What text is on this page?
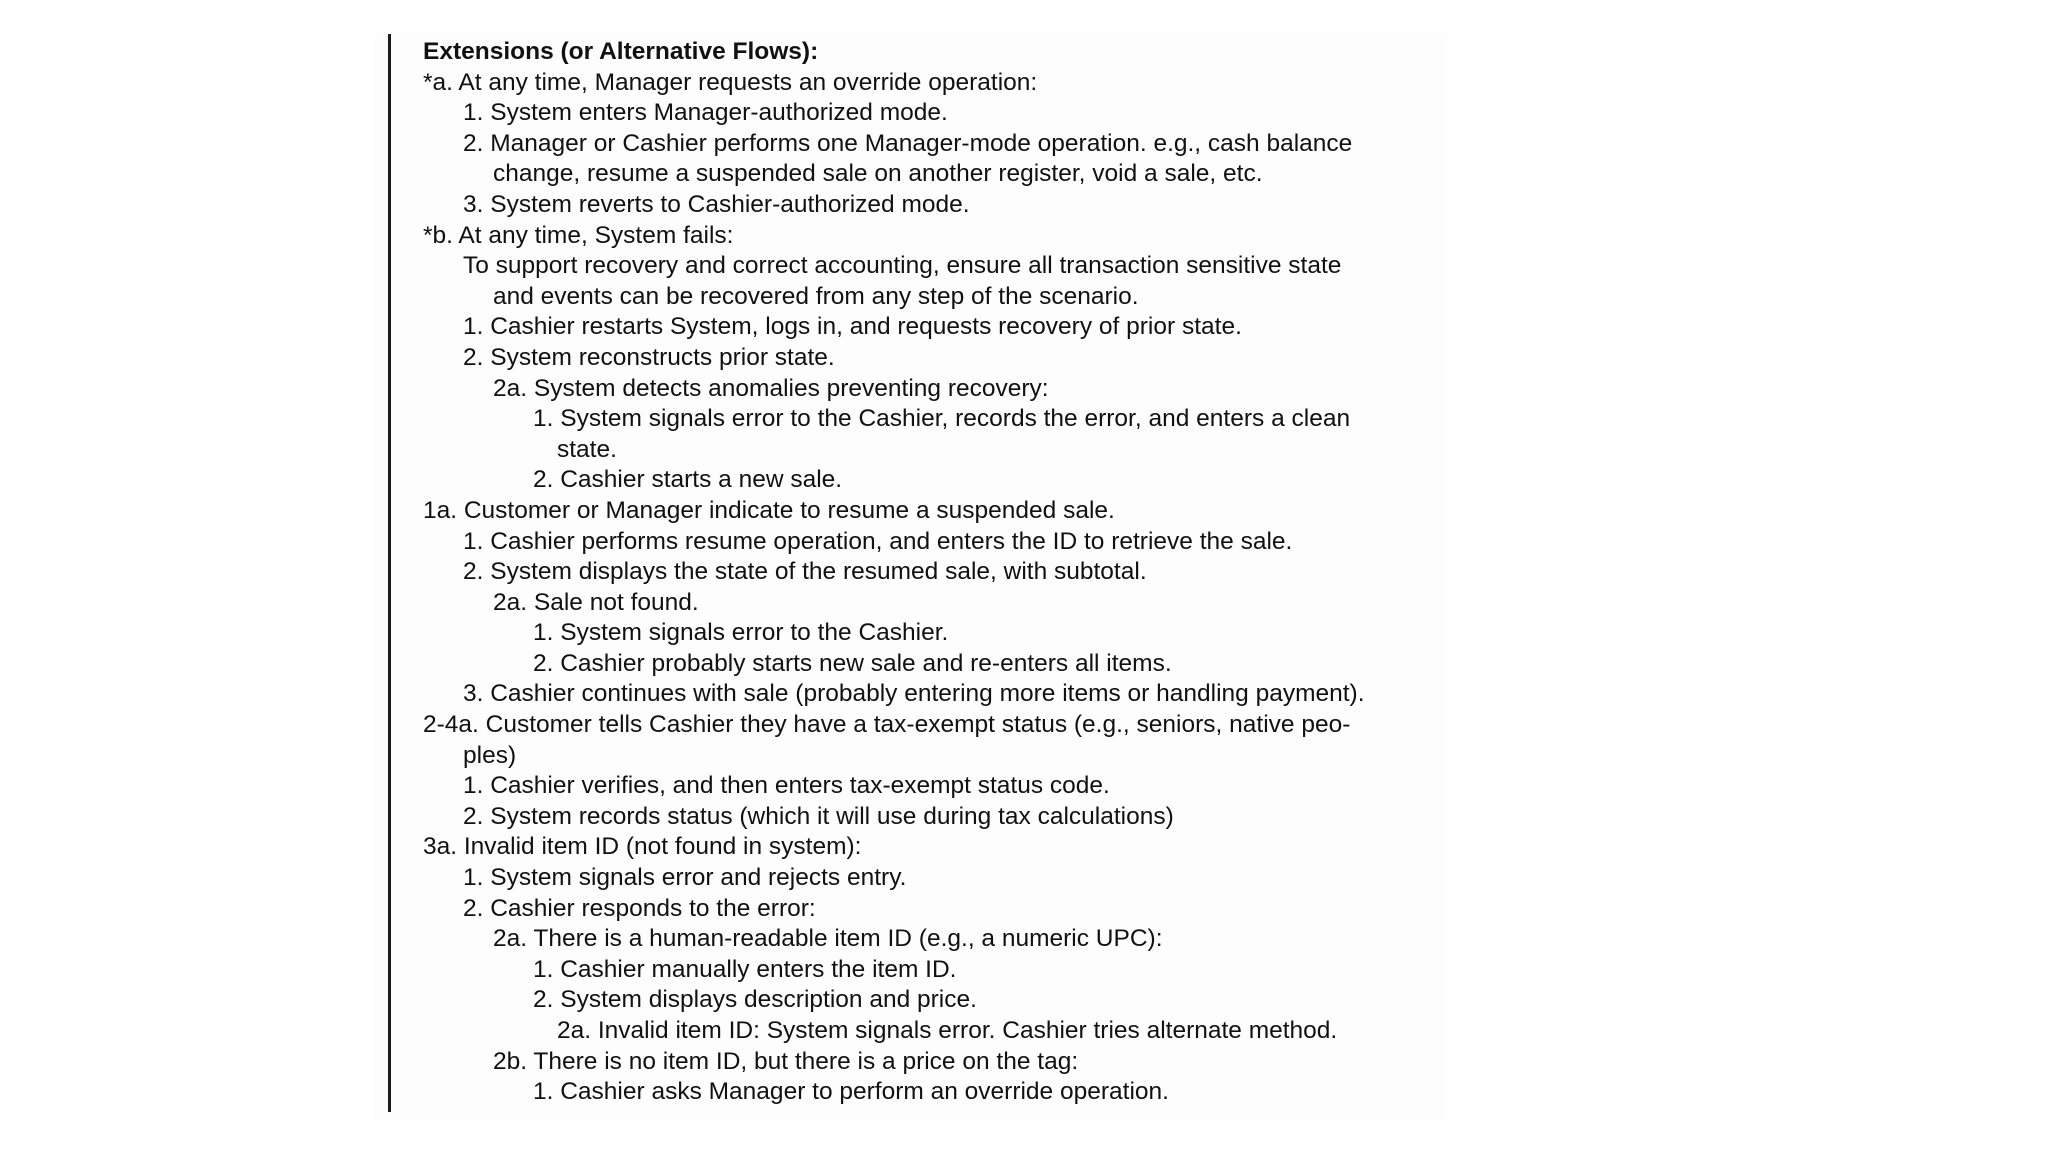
Extensions (or Alternative Flows):
*a. At any time, Manager requests an override operation:
1. System enters Manager-authorized mode.
2. Manager or Cashier performs one Manager-mode operation. e.g., cash balance
change, resume a suspended sale on another register, void a sale, etc.
3. System reverts to Cashier-authorized mode.
*b. At any time, System fails:
To support recovery and correct accounting, ensure all transaction sensitive state
and events can be recovered from any step of the scenario.
1. Cashier restarts System, logs in, and requests recovery of prior state.
2. System reconstructs prior state.
2a. System detects anomalies preventing recovery:
1. System signals error to the Cashier, records the error, and enters a clean
state.
2. Cashier starts a new sale.
1a. Customer or Manager indicate to resume a suspended sale.
1. Cashier performs resume operation, and enters the ID to retrieve the sale.
2. System displays the state of the resumed sale, with subtotal.
2a. Sale not found.
1. System signals error to the Cashier.
2. Cashier probably starts new sale and re-enters all items.
3. Cashier continues with sale (probably entering more items or handling payment).
2-4a. Customer tells Cashier they have a tax-exempt status (e.g., seniors, native peo-
ples)
1. Cashier verifies, and then enters tax-exempt status code.
2. System records status (which it will use during tax calculations)
3a. Invalid item ID (not found in system):
1. System signals error and rejects entry.
2. Cashier responds to the error:
2a. There is a human-readable item ID (e.g., a numeric UPC):
1. Cashier manually enters the item ID.
2. System displays description and price.
2a. Invalid item ID: System signals error. Cashier tries alternate method.
2b. There is no item ID, but there is a price on the tag:
1. Cashier asks Manager to perform an override operation.
